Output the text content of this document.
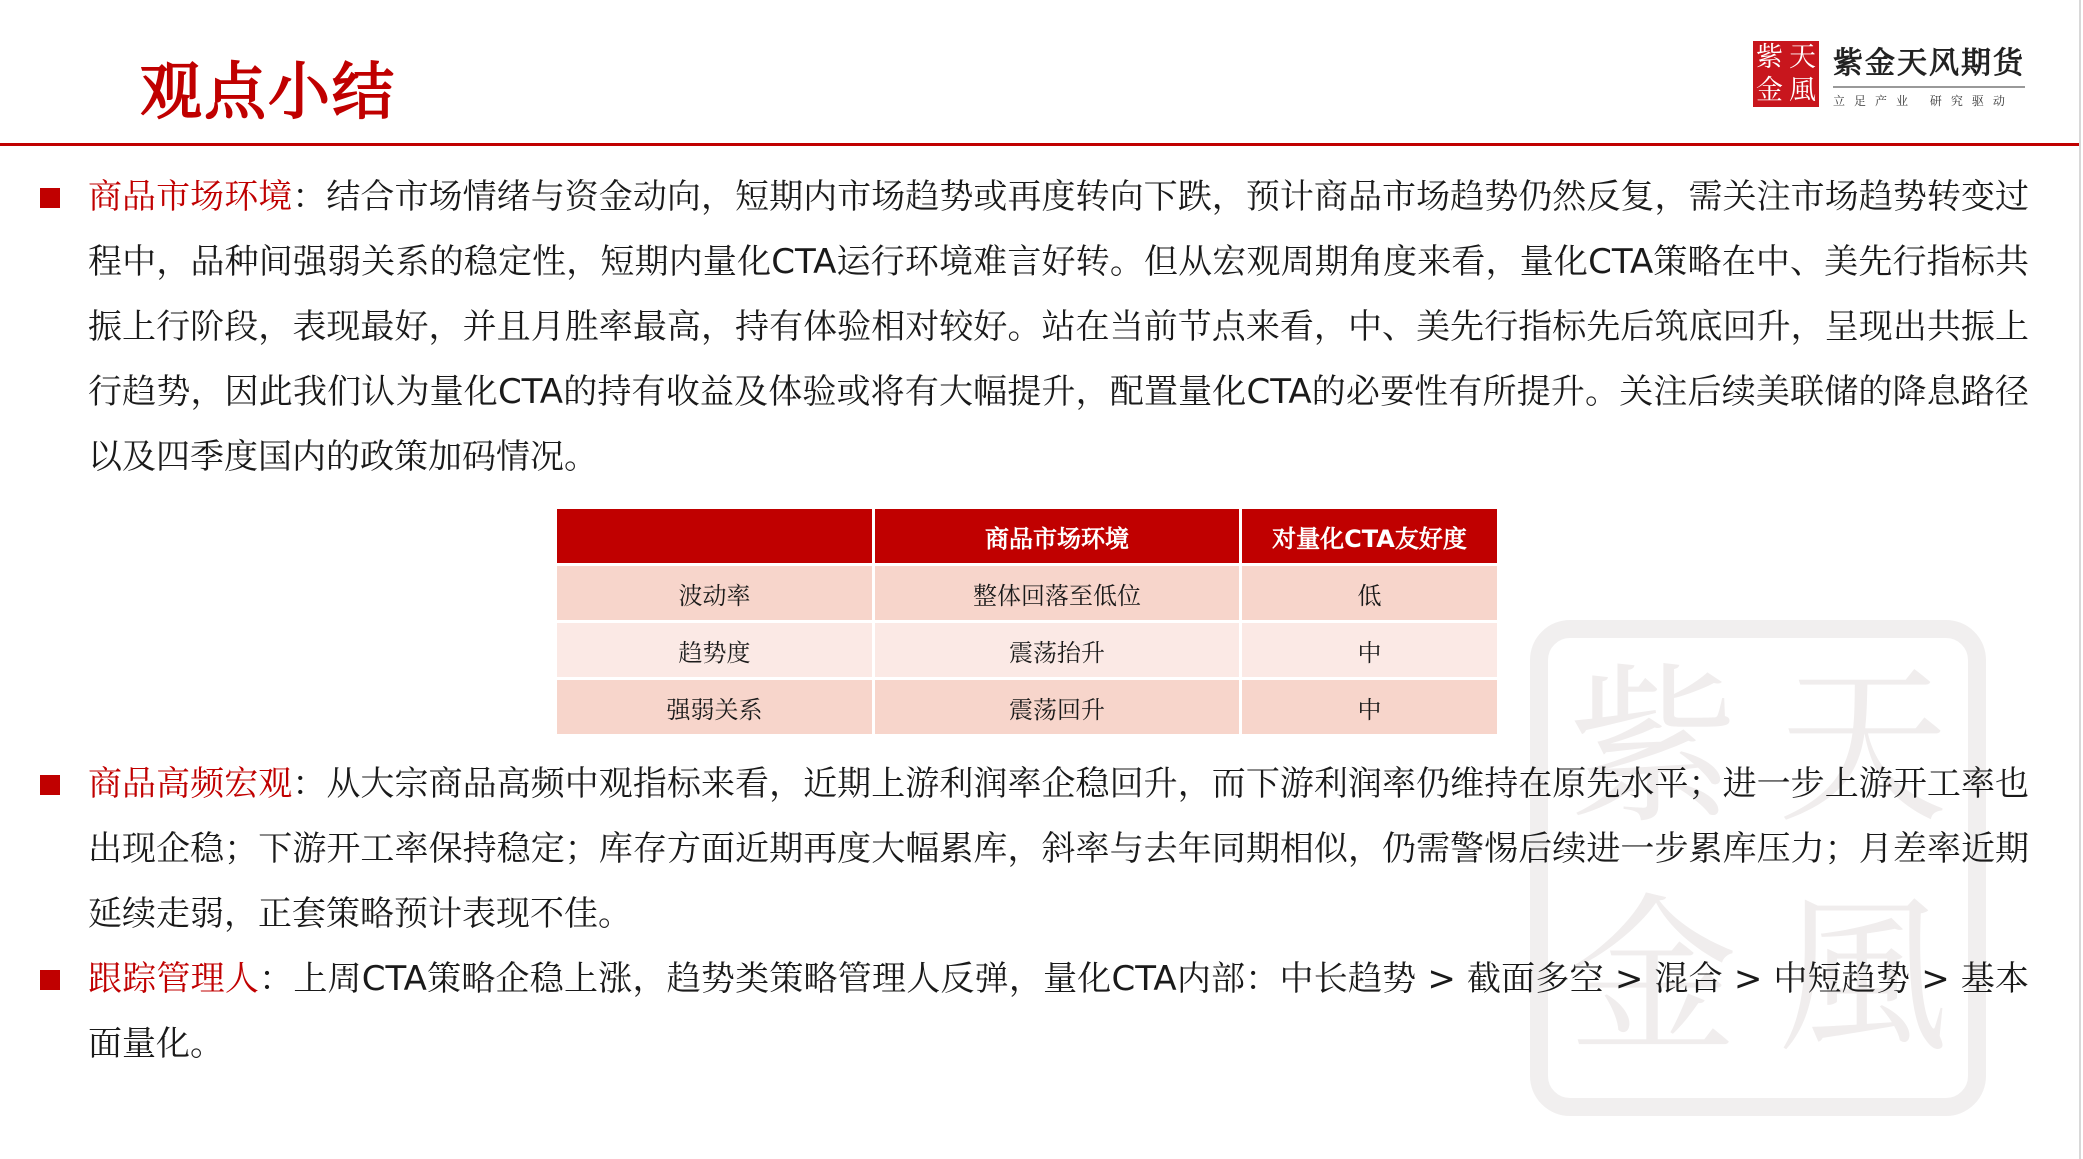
观点小结	紫 天
金 風
紫金天风期货
立足产业 研究驱动
紫 天
金 風
商品市场环境：结合市场情绪与资金动向，短期内市场趋势或再度转向下跌，预计商品市场趋势仍然反复，需关注市场趋势转变过程中，品种间强弱关系的稳定性，短期内量化CTA运行环境难言好转。但从宏观周期角度来看，量化CTA策略在中、美先行指标共振上行阶段，表现最好，并且月胜率最高，持有体验相对较好。站在当前节点来看，中、美先行指标先后筑底回升，呈现出共振上行趋势，因此我们认为量化CTA的持有收益及体验或将有大幅提升，配置量化CTA的必要性有所提升。关注后续美联储的降息路径以及四季度国内的政策加码情况。
	商品市场环境	对量化CTA友好度
波动率	整体回落至低位	低
趋势度	震荡抬升	中
强弱关系	震荡回升	中
商品高频宏观：从大宗商品高频中观指标来看，近期上游利润率企稳回升，而下游利润率仍维持在原先水平；进一步上游开工率也出现企稳；下游开工率保持稳定；库存方面近期再度大幅累库，斜率与去年同期相似，仍需警惕后续进一步累库压力；月差率近期延续走弱，正套策略预计表现不佳。
跟踪管理人：上周CTA策略企稳上涨，趋势类策略管理人反弹，量化CTA内部：中长趋势 > 截面多空 > 混合 > 中短趋势 > 基本面量化。
